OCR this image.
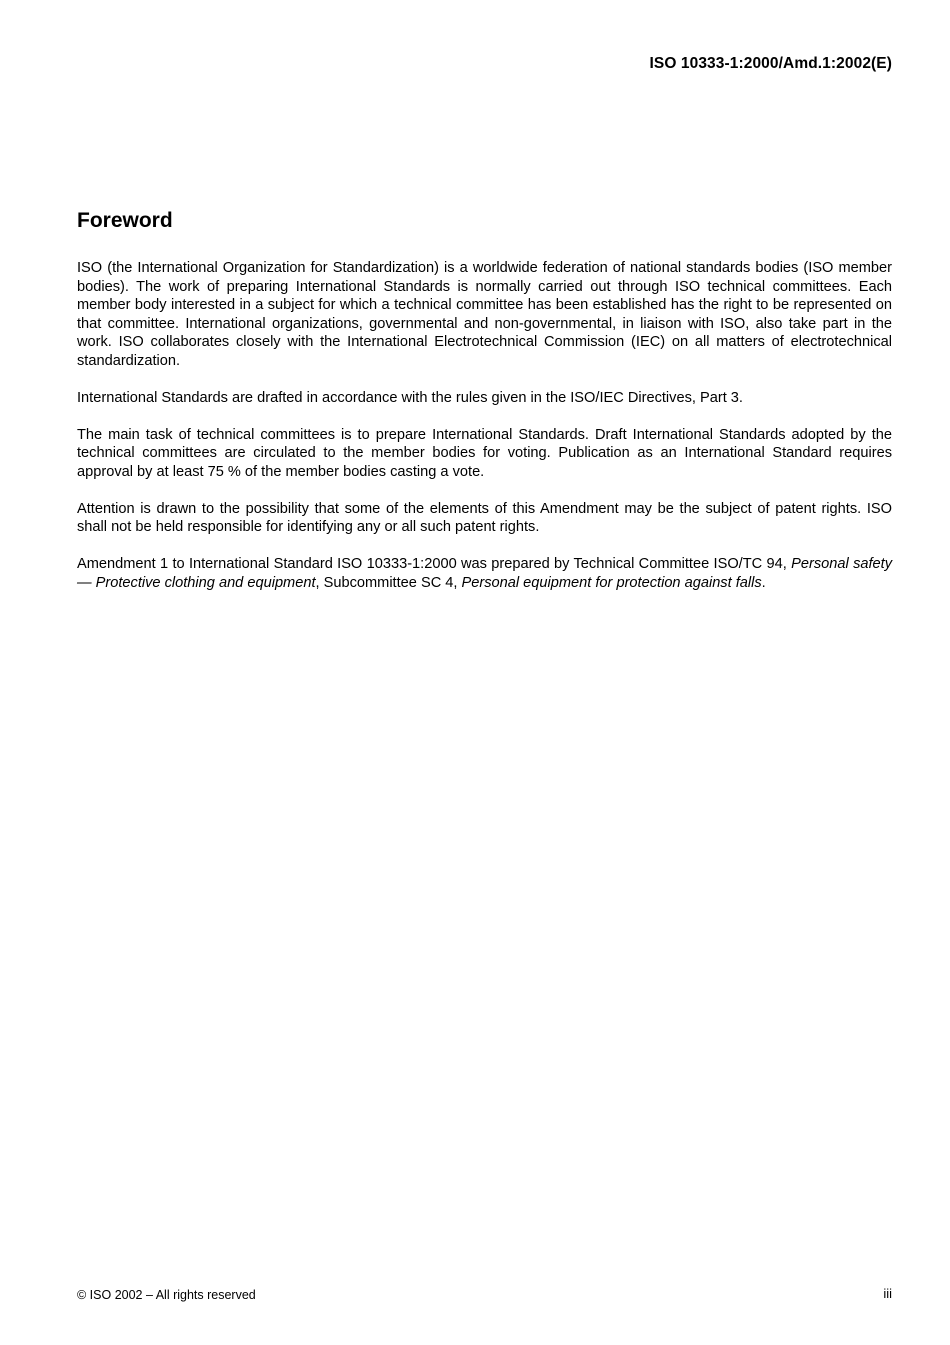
ISO 10333-1:2000/Amd.1:2002(E)
Foreword

ISO (the International Organization for Standardization) is a worldwide federation of national standards bodies (ISO member bodies). The work of preparing International Standards is normally carried out through ISO technical committees. Each member body interested in a subject for which a technical committee has been established has the right to be represented on that committee. International organizations, governmental and non-governmental, in liaison with ISO, also take part in the work. ISO collaborates closely with the International Electrotechnical Commission (IEC) on all matters of electrotechnical standardization.

International Standards are drafted in accordance with the rules given in the ISO/IEC Directives, Part 3.

The main task of technical committees is to prepare International Standards. Draft International Standards adopted by the technical committees are circulated to the member bodies for voting. Publication as an International Standard requires approval by at least 75 % of the member bodies casting a vote.

Attention is drawn to the possibility that some of the elements of this Amendment may be the subject of patent rights. ISO shall not be held responsible for identifying any or all such patent rights.

Amendment 1 to International Standard ISO 10333-1:2000 was prepared by Technical Committee ISO/TC 94, Personal safety — Protective clothing and equipment, Subcommittee SC 4, Personal equipment for protection against falls.

© ISO 2002 – All rights reserved	iii
